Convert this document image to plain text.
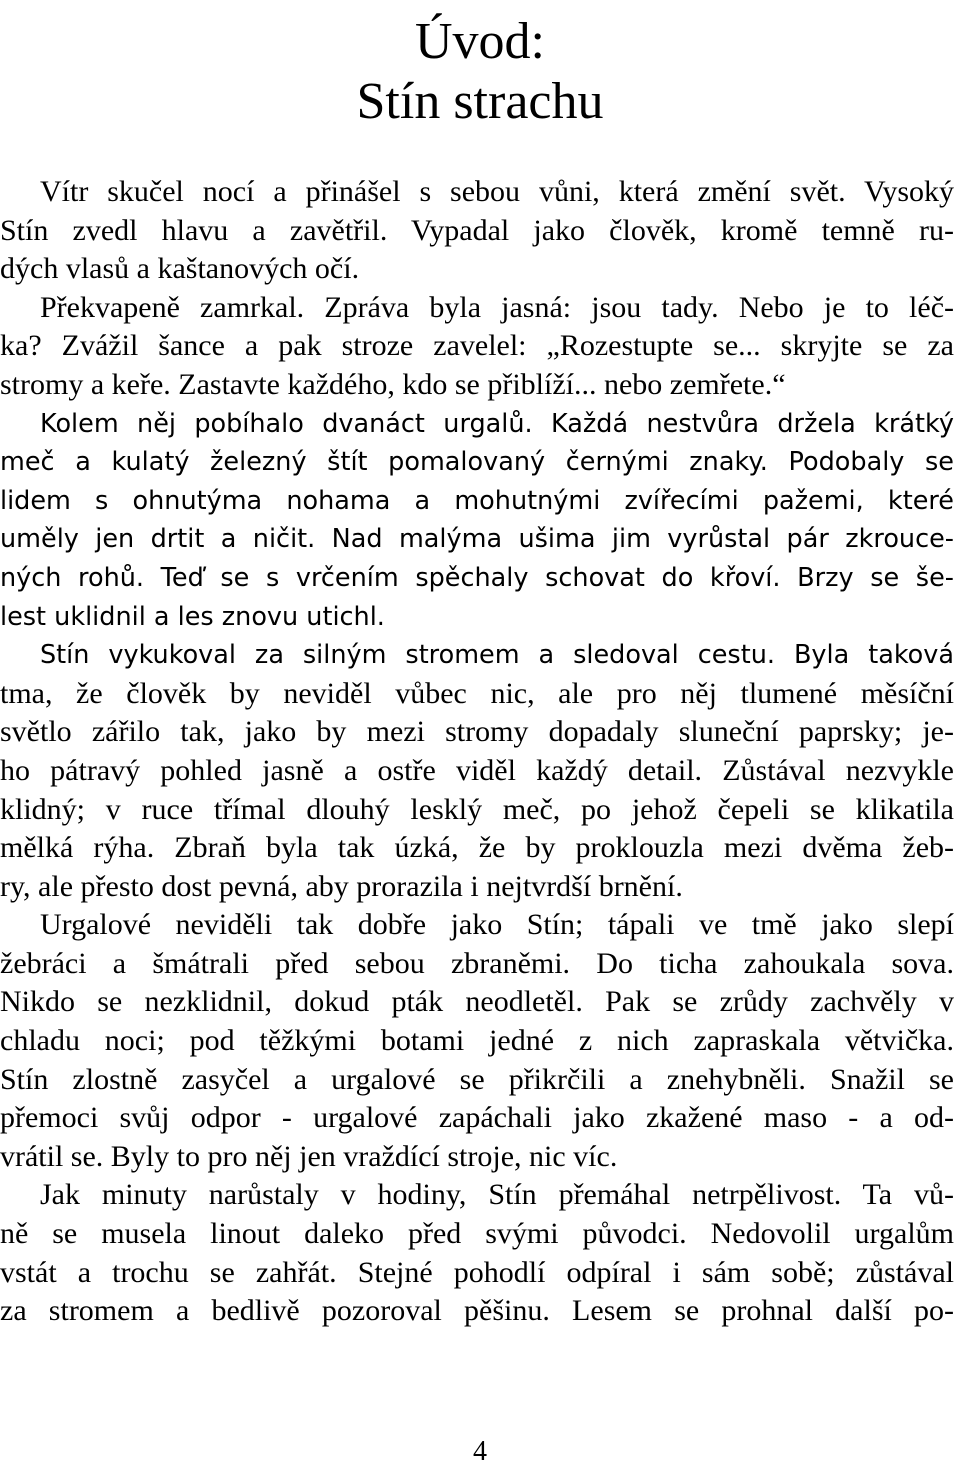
Úvod:
Stín strachu
Vítr skučel nocí a přinášel s sebou vůni, která změní svět. Vysoký
Stín zvedl hlavu a zavětřil. Vypadal jako člověk, kromě temně ru-
dých vlasů a kaštanových očí.
Překvapeně zamrkal. Zpráva byla jasná: jsou tady. Nebo je to léč-
ka? Zvážil šance a pak stroze zavelel: „Rozestupte se... skryjte se za
stromy a keře. Zastavte každého, kdo se přiblíží... nebo zemřete.“
Kolem něj pobíhalo dvanáct urgalů. Každá nestvůra držela krátký
meč a kulatý železný štít pomalovaný černými znaky. Podobaly se
lidem s ohnutýma nohama a mohutnými zvířecími pažemi, které
uměly jen drtit a ničit. Nad malýma ušima jim vyrůstal pár zkrouce-
ných rohů. Teď se s vrčením spěchaly schovat do křoví. Brzy se še-
lest uklidnil a les znovu utichl.
Stín vykukoval za silným stromem a sledoval cestu. Byla taková
tma, že člověk by neviděl vůbec nic, ale pro něj tlumené měsíční
světlo zářilo tak, jako by mezi stromy dopadaly sluneční paprsky; je-
ho pátravý pohled jasně a ostře viděl každý detail. Zůstával nezvykle
klidný; v ruce třímal dlouhý lesklý meč, po jehož čepeli se klikatila
mělká rýha. Zbraň byla tak úzká, že by proklouzla mezi dvěma žeb-
ry, ale přesto dost pevná, aby prorazila i nejtvrdší brnění.
Urgalové neviděli tak dobře jako Stín; tápali ve tmě jako slepí
žebráci a šmátrali před sebou zbraněmi. Do ticha zahoukala sova.
Nikdo se nezklidnil, dokud pták neodletěl. Pak se zrůdy zachvěly v
chladu noci; pod těžkými botami jedné z nich zapraskala větvička.
Stín zlostně zasyčel a urgalové se přikrčili a znehybněli. Snažil se
přemoci svůj odpor - urgalové zapáchali jako zkažené maso - a od-
vrátil se. Byly to pro něj jen vraždící stroje, nic víc.
Jak minuty narůstaly v hodiny, Stín přemáhal netrpělivost. Ta vů-
ně se musela linout daleko před svými původci. Nedovolil urgalům
vstát a trochu se zahřát. Stejné pohodlí odpíral i sám sobě; zůstával
za stromem a bedlivě pozoroval pěšinu. Lesem se prohnal další po-
4
